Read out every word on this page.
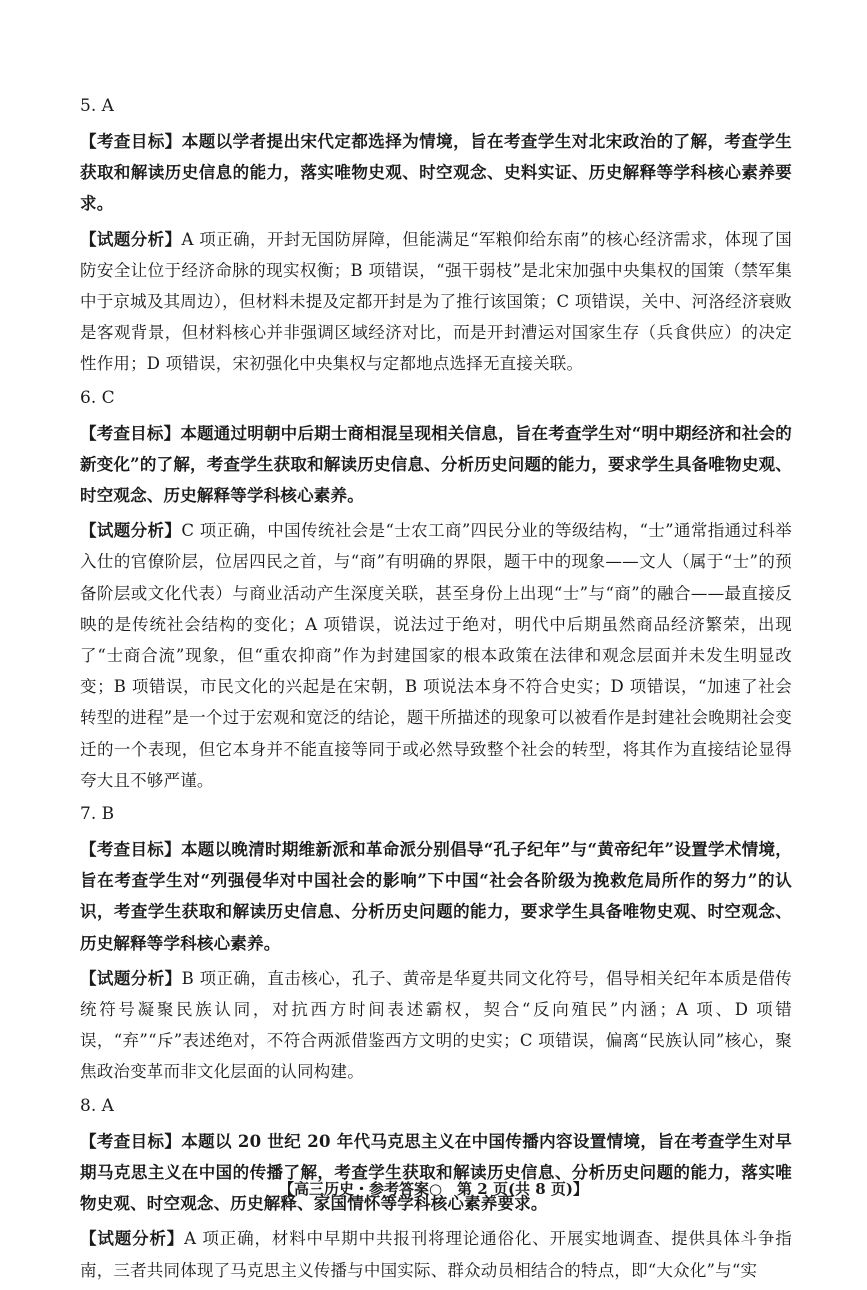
5. A

【考查目标】本题以学者提出宋代定都选择为情境，旨在考查学生对北宋政治的了解，考查学生获取和解读历史信息的能力，落实唯物史观、时空观念、史料实证、历史解释等学科核心素养要求。

【试题分析】A 项正确，开封无国防屏障，但能满足“军粮仰给东南”的核心经济需求，体现了国防安全让位于经济命脉的现实权衡；B 项错误，“强干弱枝”是北宋加强中央集权的国策（禁军集中于京城及其周边），但材料未提及定都开封是为了推行该国策；C 项错误，关中、河洛经济衰败是客观背景，但材料核心并非强调区域经济对比，而是开封漕运对国家生存（兵食供应）的决定性作用；D 项错误，宋初强化中央集权与定都地点选择无直接关联。

6. C

【考查目标】本题通过明朝中后期士商相混呈现相关信息，旨在考查学生对“明中期经济和社会的新变化”的了解，考查学生获取和解读历史信息、分析历史问题的能力，要求学生具备唯物史观、时空观念、历史解释等学科核心素养。

【试题分析】C 项正确，中国传统社会是“士农工商”四民分业的等级结构，“士”通常指通过科举入仕的官僚阶层，位居四民之首，与“商”有明确的界限，题干中的现象——文人（属于“士”的预备阶层或文化代表）与商业活动产生深度关联，甚至身份上出现“士”与“商”的融合——最直接反映的是传统社会结构的变化；A 项错误，说法过于绝对，明代中后期虽然商品经济繁荣，出现了“士商合流”现象，但“重农抑商”作为封建国家的根本政策在法律和观念层面并未发生明显改变；B 项错误，市民文化的兴起是在宋朝，B 项说法本身不符合史实；D 项错误，“加速了社会转型的进程”是一个过于宏观和宽泛的结论，题干所描述的现象可以被看作是封建社会晚期社会变迁的一个表现，但它本身并不能直接等同于或必然导致整个社会的转型，将其作为直接结论显得夸大且不够严谨。

7. B

【考查目标】本题以晚清时期维新派和革命派分别倡导“孔子纪年”与“黄帝纪年”设置学术情境，旨在考查学生对“列强侵华对中国社会的影响”下中国“社会各阶级为挽救危局所作的努力”的认识，考查学生获取和解读历史信息、分析历史问题的能力，要求学生具备唯物史观、时空观念、历史解释等学科核心素养。

【试题分析】B 项正确，直击核心，孔子、黄帝是华夏共同文化符号，倡导相关纪年本质是借传统符号凝聚民族认同，对抗西方时间表述霸权，契合“反向殖民”内涵；A 项、D 项错误，“弃”“斥”表述绝对，不符合两派借鉴西方文明的史实；C 项错误，偏离“民族认同”核心，聚焦政治变革而非文化层面的认同构建。

8. A

【考查目标】本题以 20 世纪 20 年代马克思主义在中国传播内容设置情境，旨在考查学生对早期马克思主义在中国的传播了解，考查学生获取和解读历史信息、分析历史问题的能力，落实唯物史观、时空观念、历史解释、家国情怀等学科核心素养要求。

【试题分析】A 项正确，材料中早期中共报刊将理论通俗化、开展实地调查、提供具体斗争指南，三者共同体现了马克思主义传播与中国实际、群众动员相结合的特点，即“大众化”与“实

【高三历史・参考答案○　第 2 页(共 8 页)】
